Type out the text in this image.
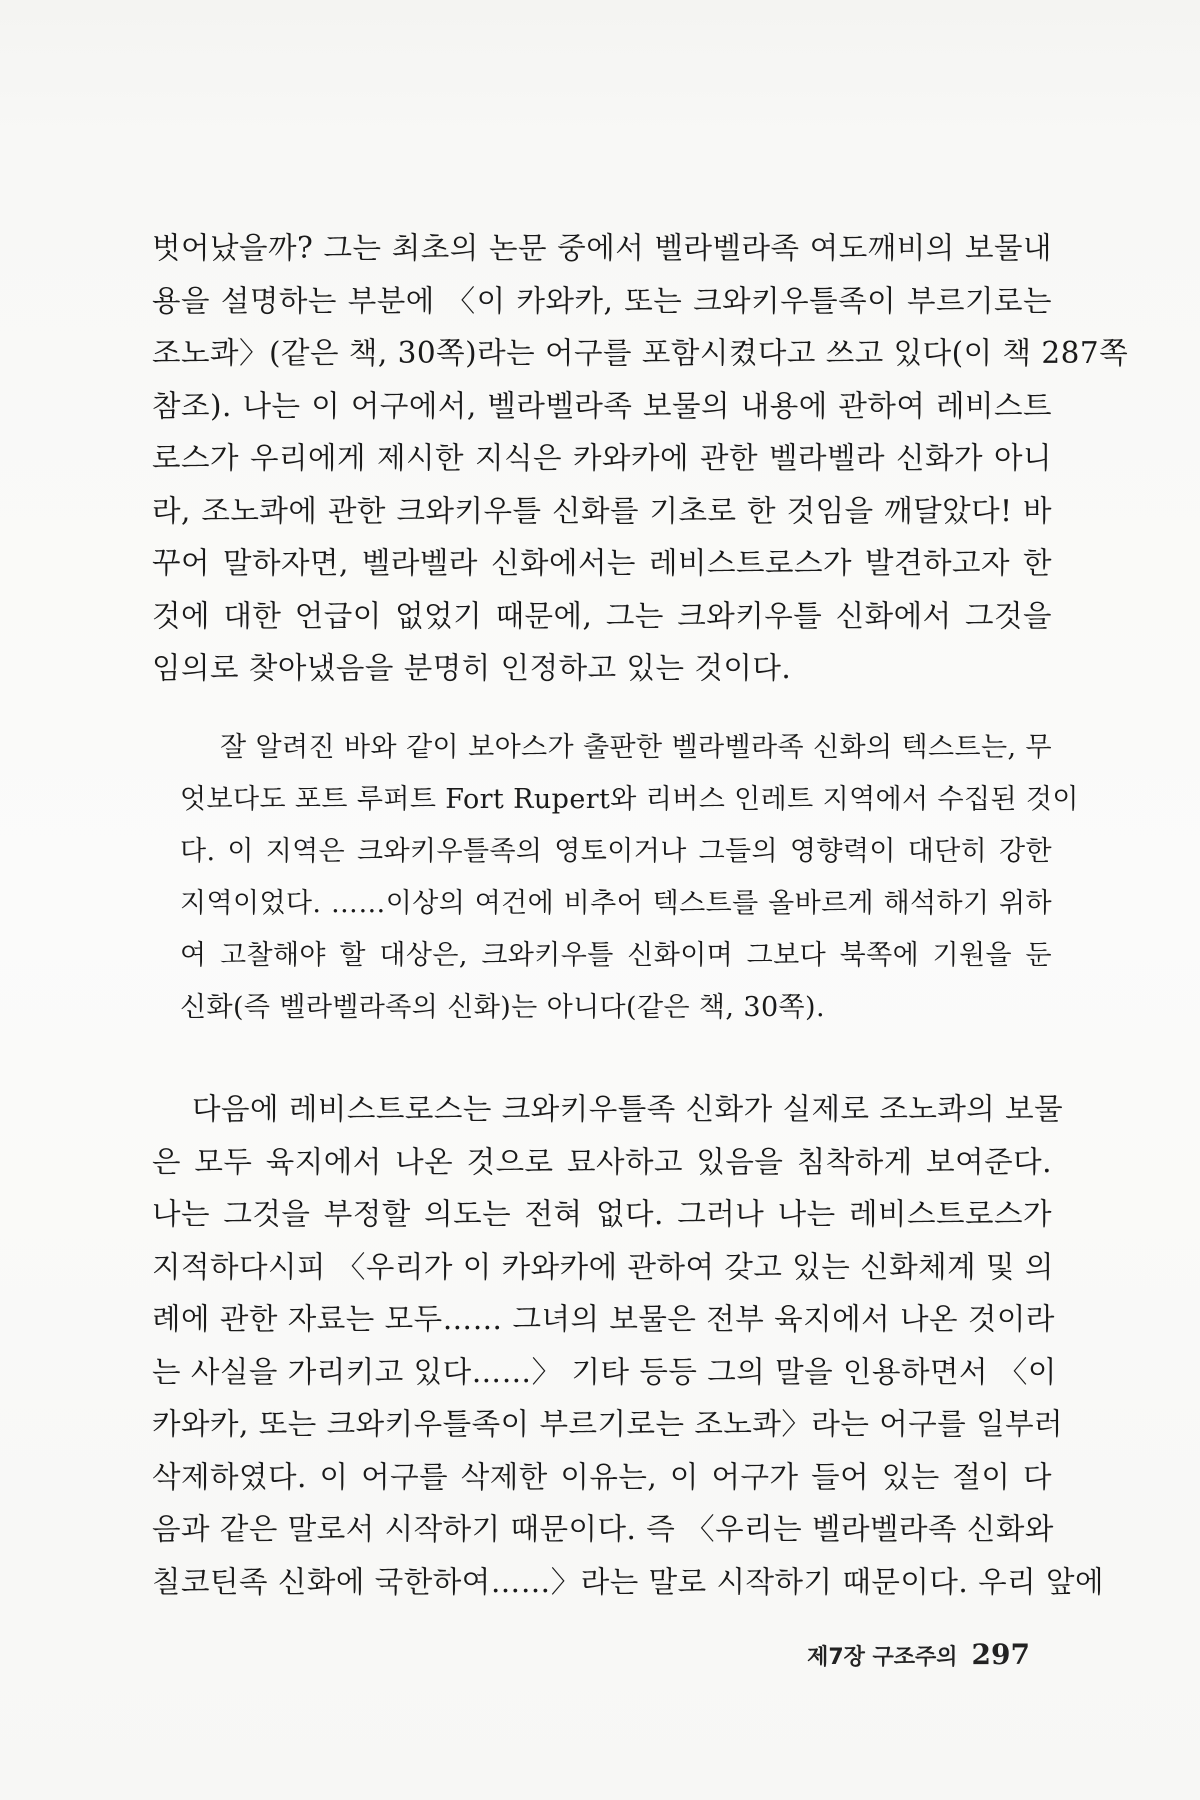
벗어났을까? 그는 최초의 논문 중에서 벨라벨라족 여도깨비의 보물내
용을 설명하는 부분에 〈이 카와카, 또는 크와키우틀족이 부르기로는
조노콰〉(같은 책, 30쪽)라는 어구를 포함시켰다고 쓰고 있다(이 책 287쪽
참조). 나는 이 어구에서, 벨라벨라족 보물의 내용에 관하여 레비스트
로스가 우리에게 제시한 지식은 카와카에 관한 벨라벨라 신화가 아니
라, 조노콰에 관한 크와키우틀 신화를 기초로 한 것임을 깨달았다! 바
꾸어 말하자면, 벨라벨라 신화에서는 레비스트로스가 발견하고자 한
것에 대한 언급이 없었기 때문에, 그는 크와키우틀 신화에서 그것을
임의로 찾아냈음을 분명히 인정하고 있는 것이다.
잘 알려진 바와 같이 보아스가 출판한 벨라벨라족 신화의 텍스트는, 무
엇보다도 포트 루퍼트 Fort Rupert와 리버스 인레트 지역에서 수집된 것이
다. 이 지역은 크와키우틀족의 영토이거나 그들의 영향력이 대단히 강한
지역이었다. ……이상의 여건에 비추어 텍스트를 올바르게 해석하기 위하
여 고찰해야 할 대상은, 크와키우틀 신화이며 그보다 북쪽에 기원을 둔
신화(즉 벨라벨라족의 신화)는 아니다(같은 책, 30쪽).
다음에 레비스트로스는 크와키우틀족 신화가 실제로 조노콰의 보물
은 모두 육지에서 나온 것으로 묘사하고 있음을 침착하게 보여준다.
나는 그것을 부정할 의도는 전혀 없다. 그러나 나는 레비스트로스가
지적하다시피 〈우리가 이 카와카에 관하여 갖고 있는 신화체계 및 의
례에 관한 자료는 모두…… 그녀의 보물은 전부 육지에서 나온 것이라
는 사실을 가리키고 있다……〉 기타 등등 그의 말을 인용하면서 〈이
카와카, 또는 크와키우틀족이 부르기로는 조노콰〉라는 어구를 일부러
삭제하였다. 이 어구를 삭제한 이유는, 이 어구가 들어 있는 절이 다
음과 같은 말로서 시작하기 때문이다. 즉 〈우리는 벨라벨라족 신화와
칠코틴족 신화에 국한하여……〉라는 말로 시작하기 때문이다. 우리 앞에
제7장 구조주의 297
